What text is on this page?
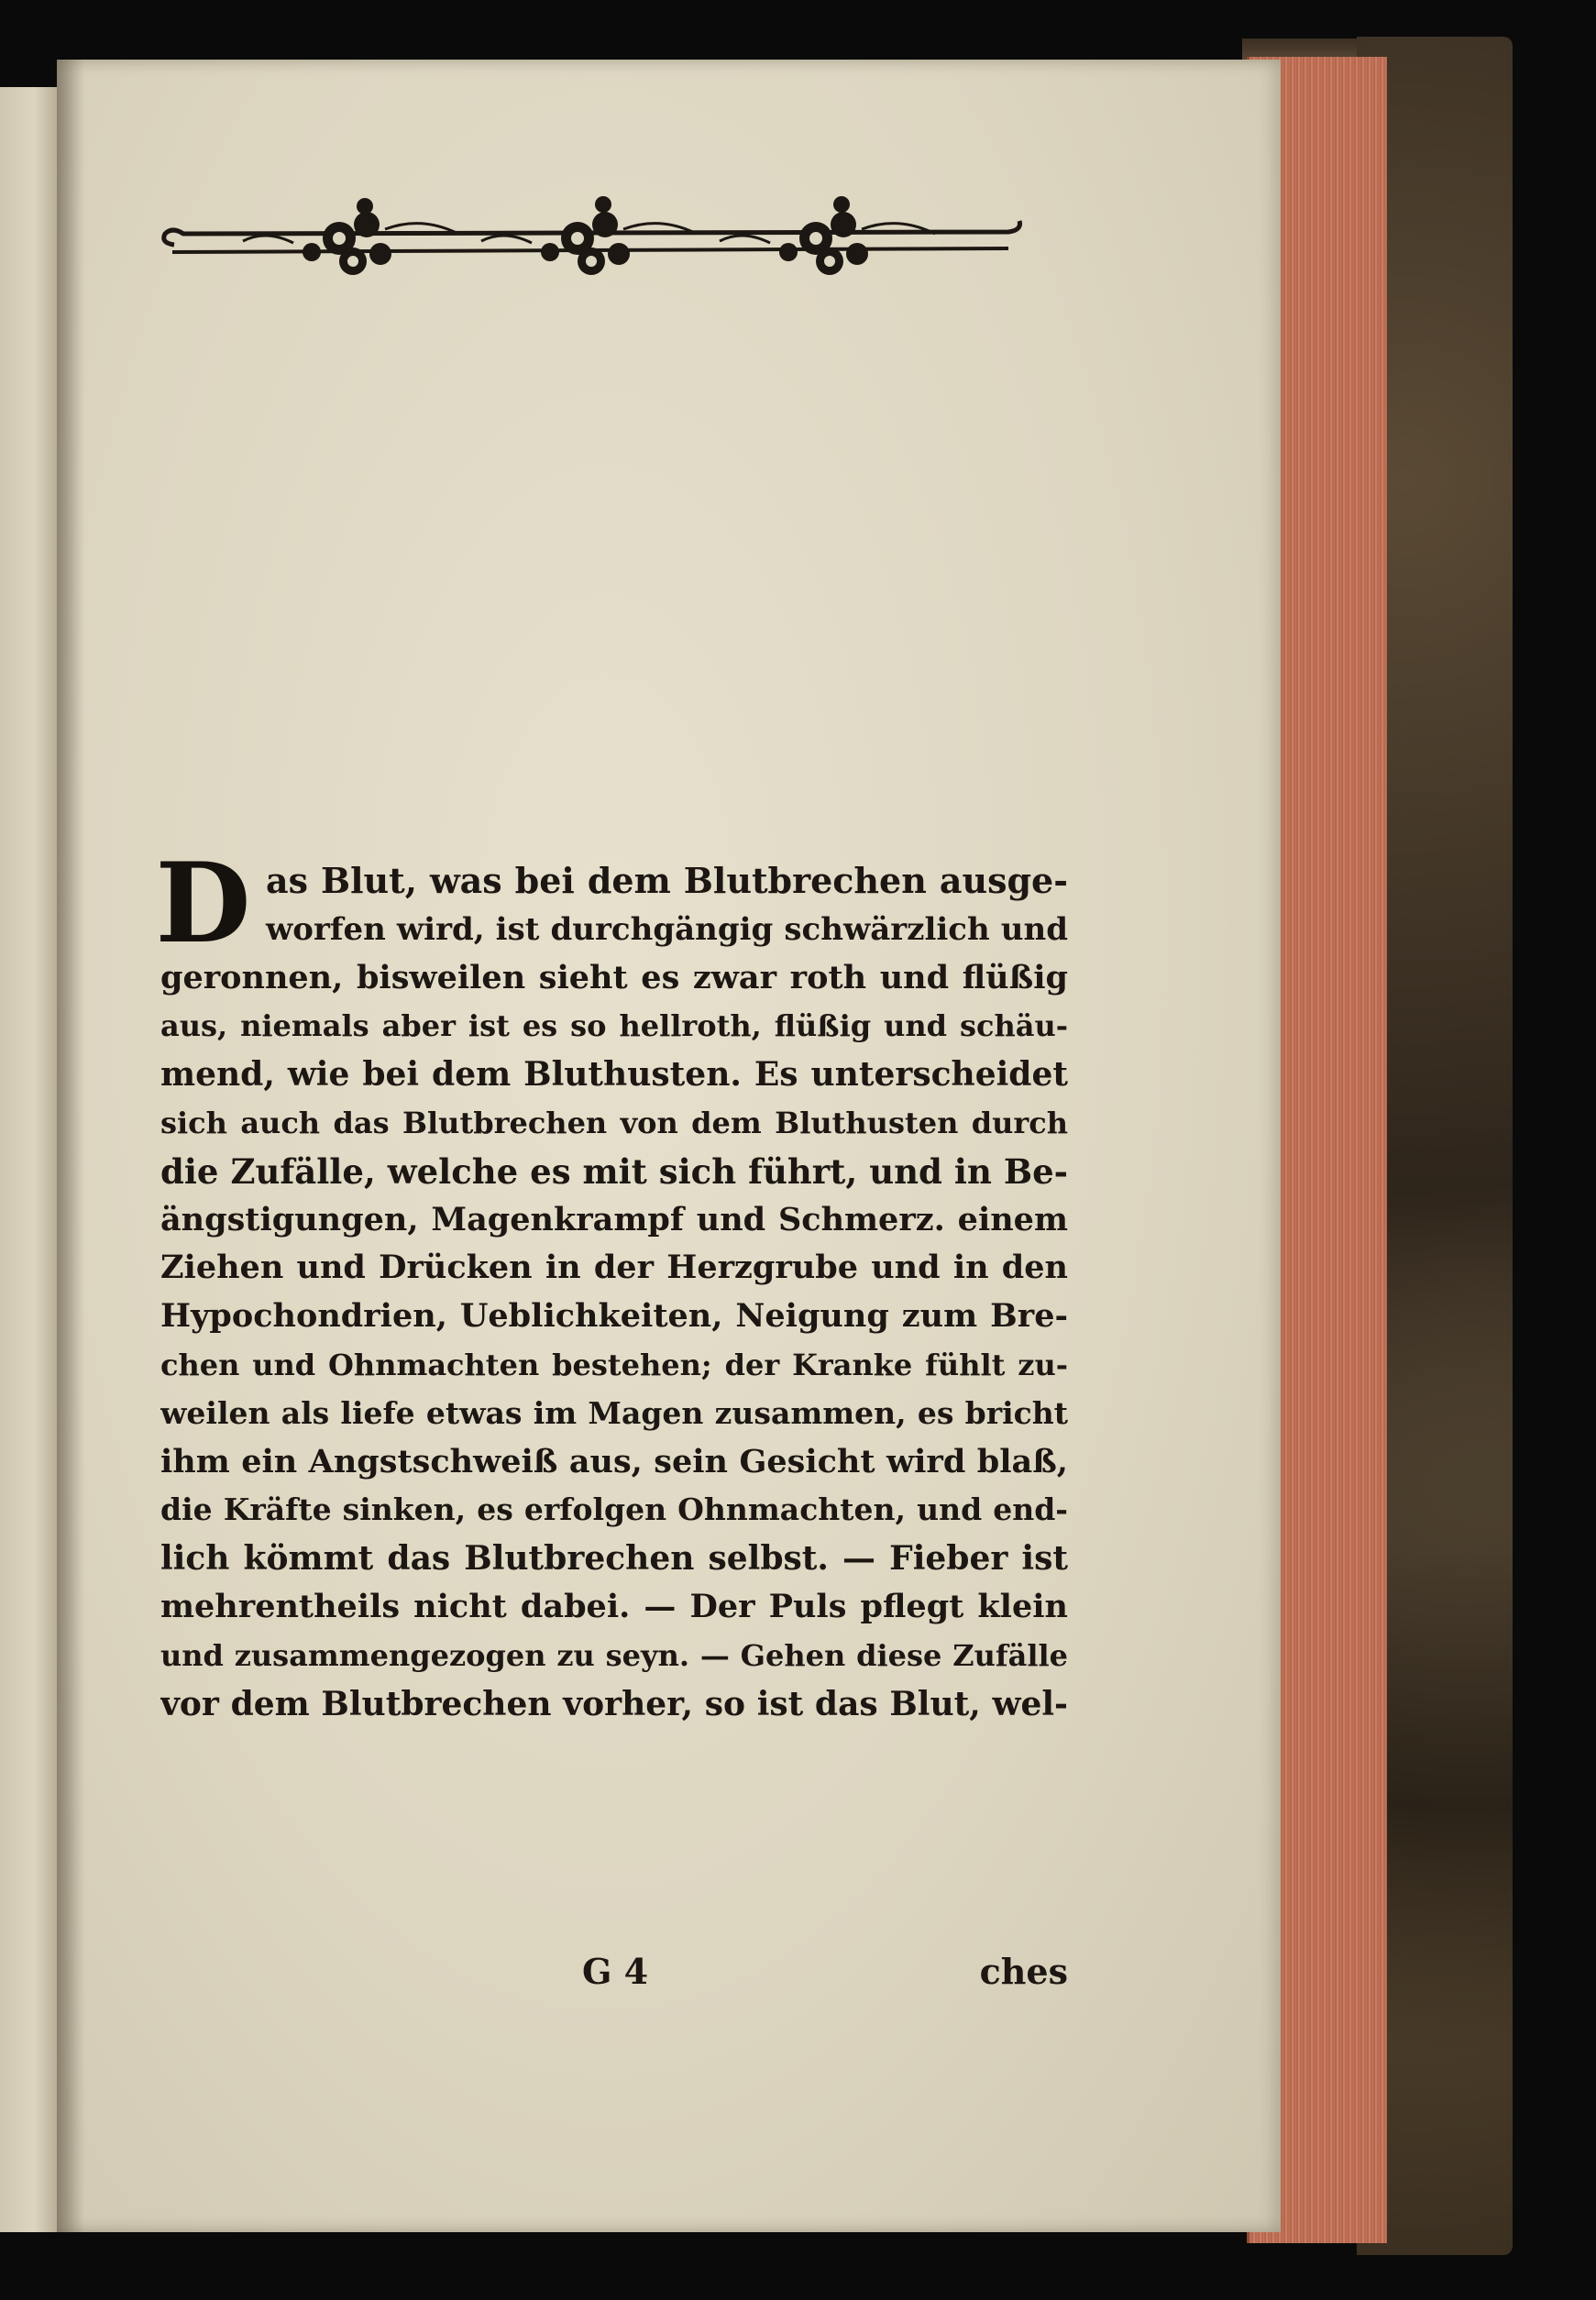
D as Blut, was bei dem Blutbrechen ausge-
worfen wird, ist durchgängig schwärzlich und
geronnen, bisweilen sieht es zwar roth und flüßig
aus, niemals aber ist es so hellroth, flüßig und schäu-
mend, wie bei dem Bluthusten. Es unterscheidet
sich auch das Blutbrechen von dem Bluthusten durch
die Zufälle, welche es mit sich führt, und in Be-
ängstigungen, Magenkrampf und Schmerz. einem
Ziehen und Drücken in der Herzgrube und in den
Hypochondrien, Ueblichkeiten, Neigung zum Bre-
chen und Ohnmachten bestehen; der Kranke fühlt zu-
weilen als liefe etwas im Magen zusammen, es bricht
ihm ein Angstschweiß aus, sein Gesicht wird blaß,
die Kräfte sinken, es erfolgen Ohnmachten, und end-
lich kömmt das Blutbrechen selbst. — Fieber ist
mehrentheils nicht dabei. — Der Puls pflegt klein
und zusammengezogen zu seyn. — Gehen diese Zufälle
vor dem Blutbrechen vorher, so ist das Blut, wel-
G 4	ches
